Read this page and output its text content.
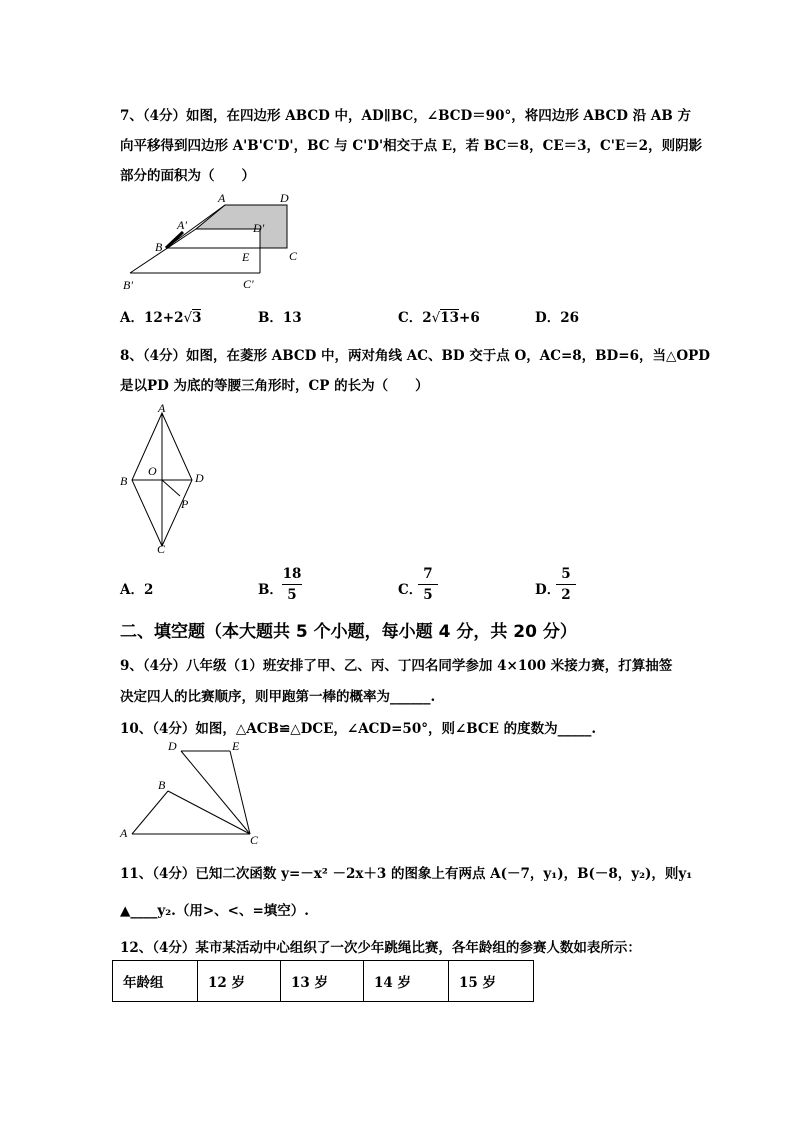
7、（4分）如图，在四边形 ABCD 中，AD∥BC，∠BCD＝90°，将四边形 ABCD 沿 AB 方
向平移得到四边形 A'B'C'D'，BC 与 C'D'相交于点 E，若 BC＝8，CE＝3，C'E＝2，则阴影
部分的面积为（　　）
A	D
A'	D'
B
E	C
B'	C'
A．12+2√3	B．13	C．2√13+6	D．26
8、（4分）如图，在菱形 ABCD 中，两对角线 AC、BD 交于点 O，AC=8，BD=6，当△OPD
是以PD 为底的等腰三角形时，CP 的长为（　　）
A
B
O	D
P
C
A．2	B．
18
5	C．
7
5	D．
5
2
二、填空题（本大题共 5 个小题，每小题 4 分，共 20 分）
9、（4分）八年级（1）班安排了甲、乙、丙、丁四名同学参加 4×100 米接力赛，打算抽签
决定四人的比赛顺序，则甲跑第一棒的概率为______.
10、（4分）如图，△ACB≌△DCE，∠ACD=50°，则∠BCE 的度数为_____.
D	E
B
A	C
11、（4分）已知二次函数 y=－x² －2x＋3 的图象上有两点 A(－7，y₁)，B(－8，y₂)，则y₁
▲____y₂.（用>、<、=填空）.
12、（4分）某市某活动中心组织了一次少年跳绳比赛，各年龄组的参赛人数如表所示：
年龄组	12 岁	13 岁	14 岁	15 岁
